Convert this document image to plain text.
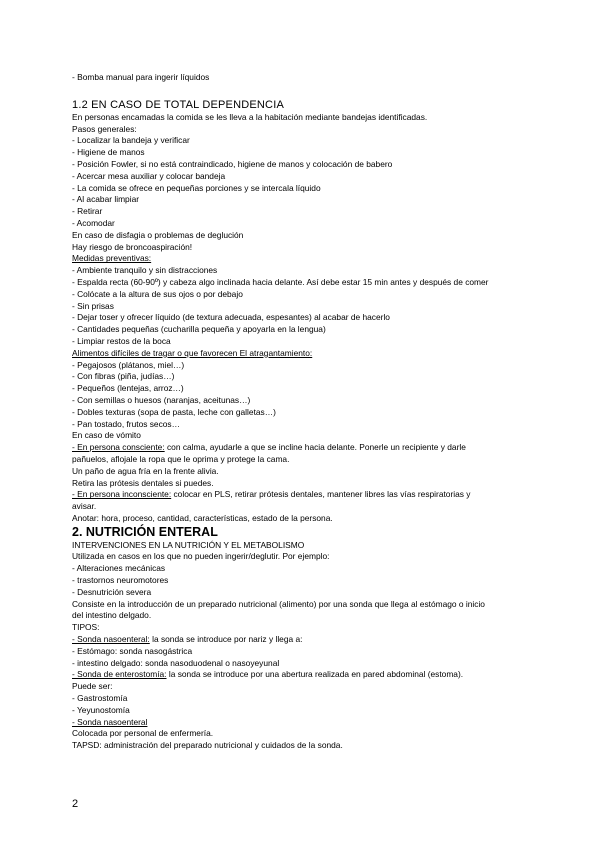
- Bomba manual para ingerir líquidos
1.2 EN CASO DE TOTAL DEPENDENCIA
En personas encamadas la comida se les lleva a la habitación mediante bandejas identificadas.
Pasos generales:
- Localizar la bandeja y verificar
- Higiene de manos
- Posición Fowler, si no está contraindicado, higiene de manos y colocación de babero
- Acercar mesa auxiliar y colocar bandeja
- La comida se ofrece en pequeñas porciones y se intercala líquido
- Al acabar limpiar
- Retirar
- Acomodar
En caso de disfagia o problemas de deglución
Hay riesgo de broncoaspiración!
Medidas preventivas:
- Ambiente tranquilo y sin distracciones
- Espalda recta (60-90º) y cabeza algo inclinada hacia delante. Así debe estar 15 min antes y después de comer
- Colócate a la altura de sus ojos o por debajo
- Sin prisas
- Dejar toser y ofrecer líquido (de textura adecuada, espesantes) al acabar de hacerlo
- Cantidades pequeñas (cucharilla pequeña y apoyarla en la lengua)
- Limpiar restos de la boca
Alimentos difíciles de tragar o que favorecen El atragantamiento:
- Pegajosos (plátanos, miel…)
- Con fibras (piña, judías…)
- Pequeños (lentejas, arroz…)
- Con semillas o huesos (naranjas, aceitunas…)
- Dobles texturas (sopa de pasta, leche con galletas…)
- Pan tostado, frutos secos…
En caso de vómito
- En persona consciente: con calma, ayudarle a que se incline hacia delante. Ponerle un recipiente y darle
pañuelos, aflojale la ropa que le oprima y protege la cama.
Un paño de agua fría en la frente alivia.
Retira las prótesis dentales si puedes.
- En persona inconsciente: colocar en PLS, retirar prótesis dentales, mantener libres las vías respiratorias y
avisar.
Anotar: hora, proceso, cantidad, características, estado de la persona.
2. NUTRICIÓN ENTERAL
INTERVENCIONES EN LA NUTRICIÓN Y EL METABOLISMO
Utilizada en casos en los que no pueden ingerir/deglutir. Por ejemplo:
- Alteraciones mecánicas
- trastornos neuromotores
- Desnutrición severa
Consiste en la introducción de un preparado nutricional (alimento) por una sonda que llega al estómago o inicio
del intestino delgado.
TIPOS:
- Sonda nasoenteral: la sonda se introduce por nariz y llega a:
- Estómago: sonda nasogástrica
- intestino delgado: sonda nasoduodenal o nasoyeyunal
- Sonda de enterostomía: la sonda se introduce por una abertura realizada en pared abdominal (estoma).
Puede ser:
- Gastrostomía
- Yeyunostomía
- Sonda nasoenteral
Colocada por personal de enfermería.
TAPSD: administración del preparado nutricional y cuidados de la sonda.
2
